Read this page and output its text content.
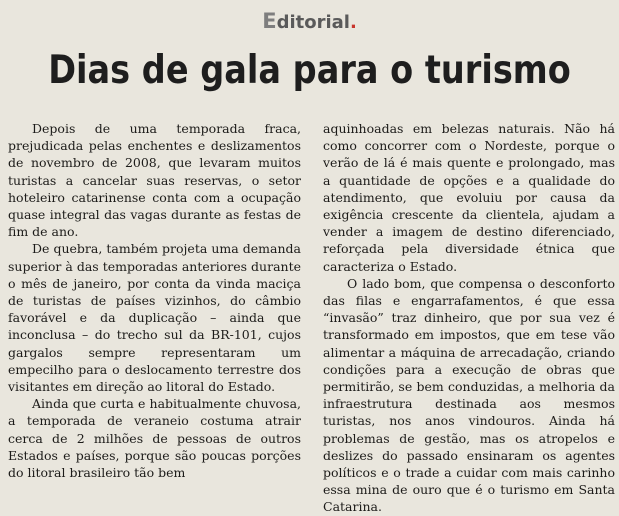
Editorial.
Dias de gala para o turismo

Depois de uma temporada fraca, prejudicada pelas enchentes e deslizamentos de novembro de 2008, que levaram muitos turistas a cancelar suas reservas, o setor hoteleiro catarinense conta com a ocupação quase integral das vagas durante as festas de fim de ano.

De quebra, também projeta uma demanda superior à das temporadas anteriores durante o mês de janeiro, por conta da vinda maciça de turistas de países vizinhos, do câmbio favorável e da duplicação – ainda que inconclusa – do trecho sul da BR-101, cujos gargalos sempre representaram um empecilho para o deslocamento terrestre dos visitantes em direção ao litoral do Estado.

Ainda que curta e habitualmente chuvosa, a temporada de veraneio costuma atrair cerca de 2 milhões de pessoas de outros Estados e países, porque são poucas porções do litoral brasileiro tão bem

aquinhoadas em belezas naturais. Não há como concorrer com o Nordeste, porque o verão de lá é mais quente e prolongado, mas a quantidade de opções e a qualidade do atendimento, que evoluiu por causa da exigência crescente da clientela, ajudam a vender a imagem de destino diferenciado, reforçada pela diversidade étnica que caracteriza o Estado.

O lado bom, que compensa o desconforto das filas e engarrafamentos, é que essa “invasão” traz dinheiro, que por sua vez é transformado em impostos, que em tese vão alimentar a máquina de arrecadação, criando condições para a execução de obras que permitirão, se bem conduzidas, a melhoria da infraestrutura destinada aos mesmos turistas, nos anos vindouros. Ainda há problemas de gestão, mas os atropelos e deslizes do passado ensinaram os agentes políticos e o trade a cuidar com mais carinho essa mina de ouro que é o turismo em Santa Catarina.
